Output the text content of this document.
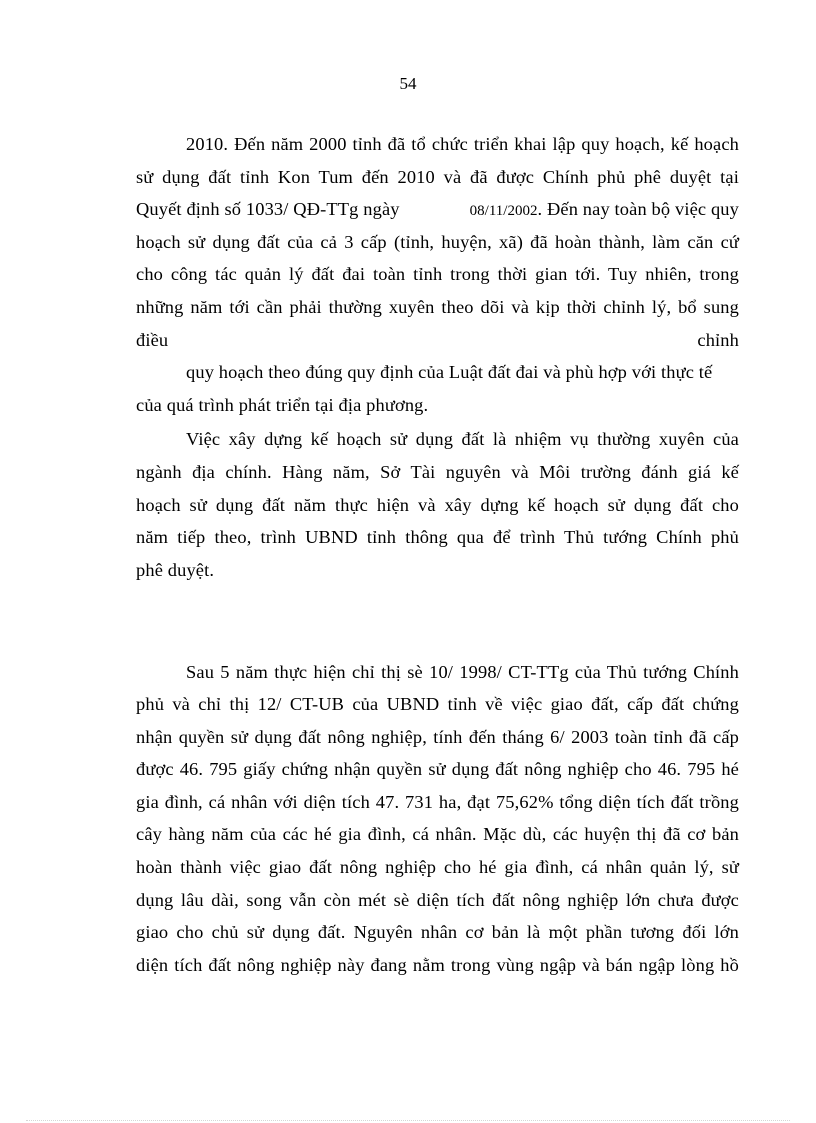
54
2010. Đến năm 2000 tỉnh đã tổ chức triển khai lập quy hoạch, kế hoạch
sử dụng đất tỉnh Kon Tum đến 2010 và đã được Chính phủ phê duyệt tại
Quyết định số 1033/ QĐ-TTg ngày	08/11/2002. Đến nay toàn bộ việc quy
hoạch sử dụng đất của cả 3 cấp (tỉnh, huyện, xã) đã hoàn thành, làm căn cứ
cho công tác quản lý đất đai toàn tỉnh trong thời gian tới. Tuy nhiên, trong
những năm tới cần phải thường xuyên theo dõi và kịp thời chỉnh lý, bổ sung
điều	chỉnh
quy hoạch theo đúng quy định của Luật đất đai và phù hợp với thực tế
của quá trình phát triển tại địa phương.
Việc xây dựng kế hoạch sử dụng đất là nhiệm vụ thường xuyên của
ngành địa chính. Hàng năm, Sở Tài nguyên và Môi trường đánh giá kế
hoạch sử dụng đất năm thực hiện và xây dựng kế hoạch sử dụng đất cho
năm tiếp theo, trình UBND tỉnh thông qua để trình Thủ tướng Chính phủ
phê duyệt.
Sau 5 năm thực hiện chỉ thị sè 10/ 1998/ CT-TTg của Thủ tướng Chính
phủ và chỉ thị 12/ CT-UB của UBND tỉnh về việc giao đất, cấp đất chứng
nhận quyền sử dụng đất nông nghiệp, tính đến tháng 6/ 2003 toàn tỉnh đã cấp
được 46. 795 giấy chứng nhận quyền sử dụng đất nông nghiệp cho 46. 795 hé
gia đình, cá nhân với diện tích 47. 731 ha, đạt 75,62% tổng diện tích đất trồng
cây hàng năm của các hé gia đình, cá nhân. Mặc dù, các huyện thị đã cơ bản
hoàn thành việc giao đất nông nghiệp cho hé gia đình, cá nhân quản lý, sử
dụng lâu dài, song vẫn còn mét sè diện tích đất nông nghiệp lớn chưa được
giao cho chủ sử dụng đất. Nguyên nhân cơ bản là một phần tương đối lớn
diện tích đất nông nghiệp này đang nằm trong vùng ngập và bán ngập lòng hồ
